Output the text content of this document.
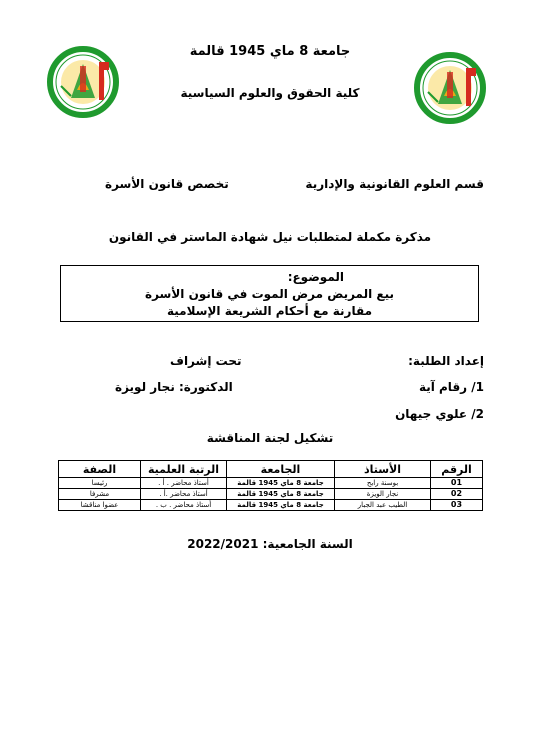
جامعة 8 ماي 1945 قالمة
كلية الحقوق والعلوم السياسية
قسم العلوم القانونية والإدارية
تخصص قانون الأسرة
مذكرة مكملة لمتطلبات نيل شهادة الماستر في القانون
الموضوع:
بيع المريض مرض الموت في قانون الأسرة
مقارنة مع أحكام الشريعة الإسلامية
إعداد الطلبة:
تحت إشراف
1/ رقام آية
الدكتورة: نجار لويزة
2/ علوي جيهان
تشكيل لجنة المناقشة
الرقم	الأستاذ	الجامعة	الرتبة العلمية	الصفة
01	بوسنة رابح	جامعة 8 ماي 1945 قالمة	أستاذ محاضر . أ .	رئيسا
02	نجار الويزة	جامعة 8 ماي 1945 قالمة	أستاذ محاضر .أ .	مشرفا
03	الطيب عبد الجبار	جامعة 8 ماي 1945 قالمة	أستاذ محاضر . ب .	عضوا مناقشا
السنة الجامعية: 2022/2021
